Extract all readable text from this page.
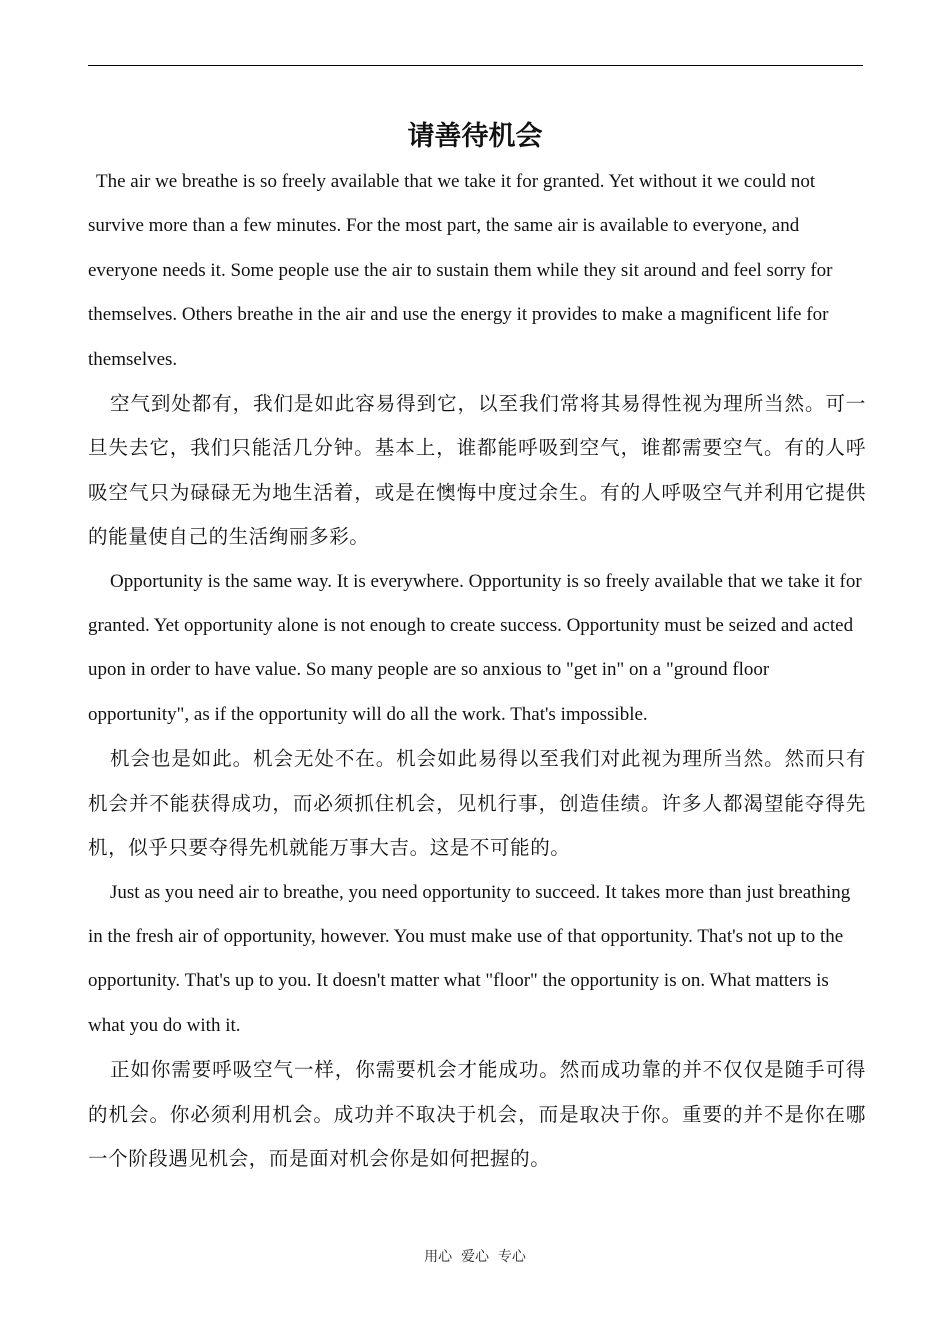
请善待机会

The air we breathe is so freely available that we take it for granted. Yet without it we could not survive more than a few minutes. For the most part, the same air is available to everyone, and everyone needs it. Some people use the air to sustain them while they sit around and feel sorry for themselves. Others breathe in the air and use the energy it provides to make a magnificent life for themselves.

空气到处都有，我们是如此容易得到它，以至我们常将其易得性视为理所当然。可一旦失去它，我们只能活几分钟。基本上，谁都能呼吸到空气，谁都需要空气。有的人呼吸空气只为碌碌无为地生活着，或是在懊悔中度过余生。有的人呼吸空气并利用它提供的能量使自己的生活绚丽多彩。

Opportunity is the same way. It is everywhere. Opportunity is so freely available that we take it for granted. Yet opportunity alone is not enough to create success. Opportunity must be seized and acted upon in order to have value. So many people are so anxious to "get in" on a "ground floor opportunity", as if the opportunity will do all the work. That's impossible.

机会也是如此。机会无处不在。机会如此易得以至我们对此视为理所当然。然而只有机会并不能获得成功，而必须抓住机会，见机行事，创造佳绩。许多人都渴望能夺得先机，似乎只要夺得先机就能万事大吉。这是不可能的。

Just as you need air to breathe, you need opportunity to succeed. It takes more than just breathing in the fresh air of opportunity, however. You must make use of that opportunity. That's not up to the opportunity. That's up to you. It doesn't matter what "floor" the opportunity is on. What matters is what you do with it.

正如你需要呼吸空气一样，你需要机会才能成功。然而成功靠的并不仅仅是随手可得的机会。你必须利用机会。成功并不取决于机会，而是取决于你。重要的并不是你在哪一个阶段遇见机会，而是面对机会你是如何把握的。

用心  爱心  专心
